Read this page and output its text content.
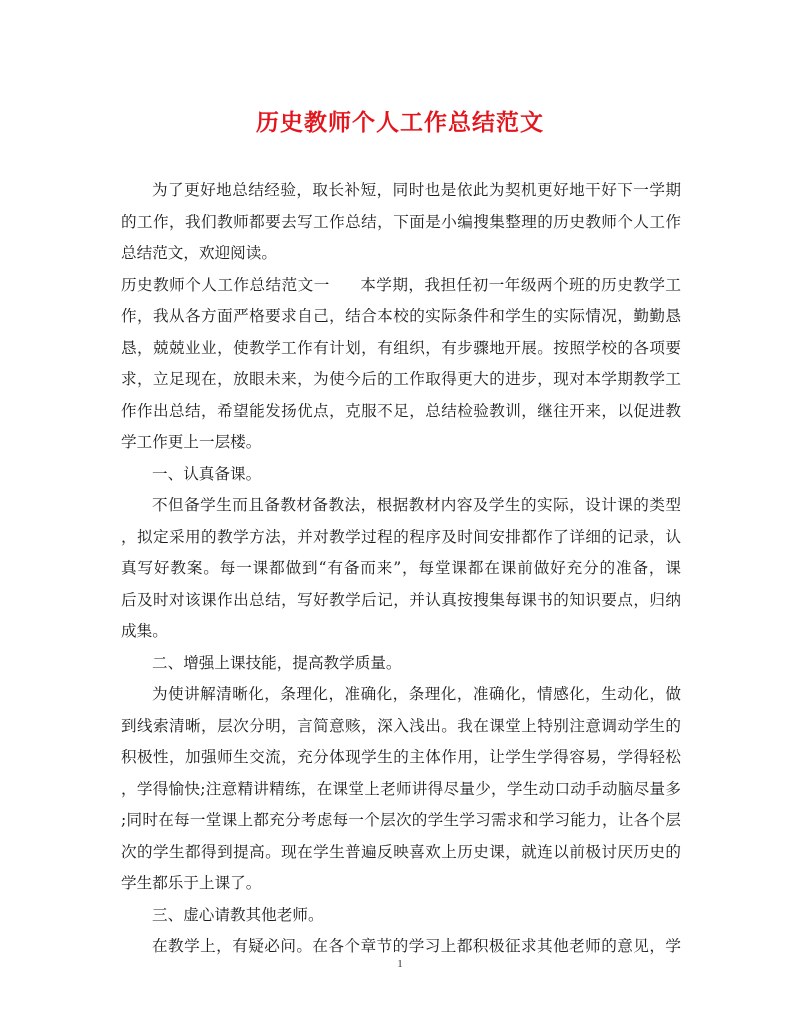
历史教师个人工作总结范文
为了更好地总结经验，取长补短，同时也是依此为契机更好地干好下一学期
的工作，我们教师都要去写工作总结，下面是小编搜集整理的历史教师个人工作
总结范文，欢迎阅读。
历史教师个人工作总结范文一 本学期，我担任初一年级两个班的历史教学工
作，我从各方面严格要求自己，结合本校的实际条件和学生的实际情况，勤勤恳
恳，兢兢业业，使教学工作有计划，有组织，有步骤地开展。按照学校的各项要
求，立足现在，放眼未来，为使今后的工作取得更大的进步，现对本学期教学工
作作出总结，希望能发扬优点，克服不足，总结检验教训，继往开来，以促进教
学工作更上一层楼。
一、认真备课。
不但备学生而且备教材备教法，根据教材内容及学生的实际，设计课的类型
，拟定采用的教学方法，并对教学过程的程序及时间安排都作了详细的记录，认
真写好教案。每一课都做到“有备而来”，每堂课都在课前做好充分的准备，课
后及时对该课作出总结，写好教学后记，并认真按搜集每课书的知识要点，归纳
成集。
二、增强上课技能，提高教学质量。
为使讲解清晰化，条理化，准确化，条理化，准确化，情感化，生动化，做
到线索清晰，层次分明，言简意赅，深入浅出。我在课堂上特别注意调动学生的
积极性，加强师生交流，充分体现学生的主体作用，让学生学得容易，学得轻松
，学得愉快;注意精讲精练，在课堂上老师讲得尽量少，学生动口动手动脑尽量多
;同时在每一堂课上都充分考虑每一个层次的学生学习需求和学习能力，让各个层
次的学生都得到提高。现在学生普遍反映喜欢上历史课，就连以前极讨厌历史的
学生都乐于上课了。
三、虚心请教其他老师。
在教学上，有疑必问。在各个章节的学习上都积极征求其他老师的意见，学
1
